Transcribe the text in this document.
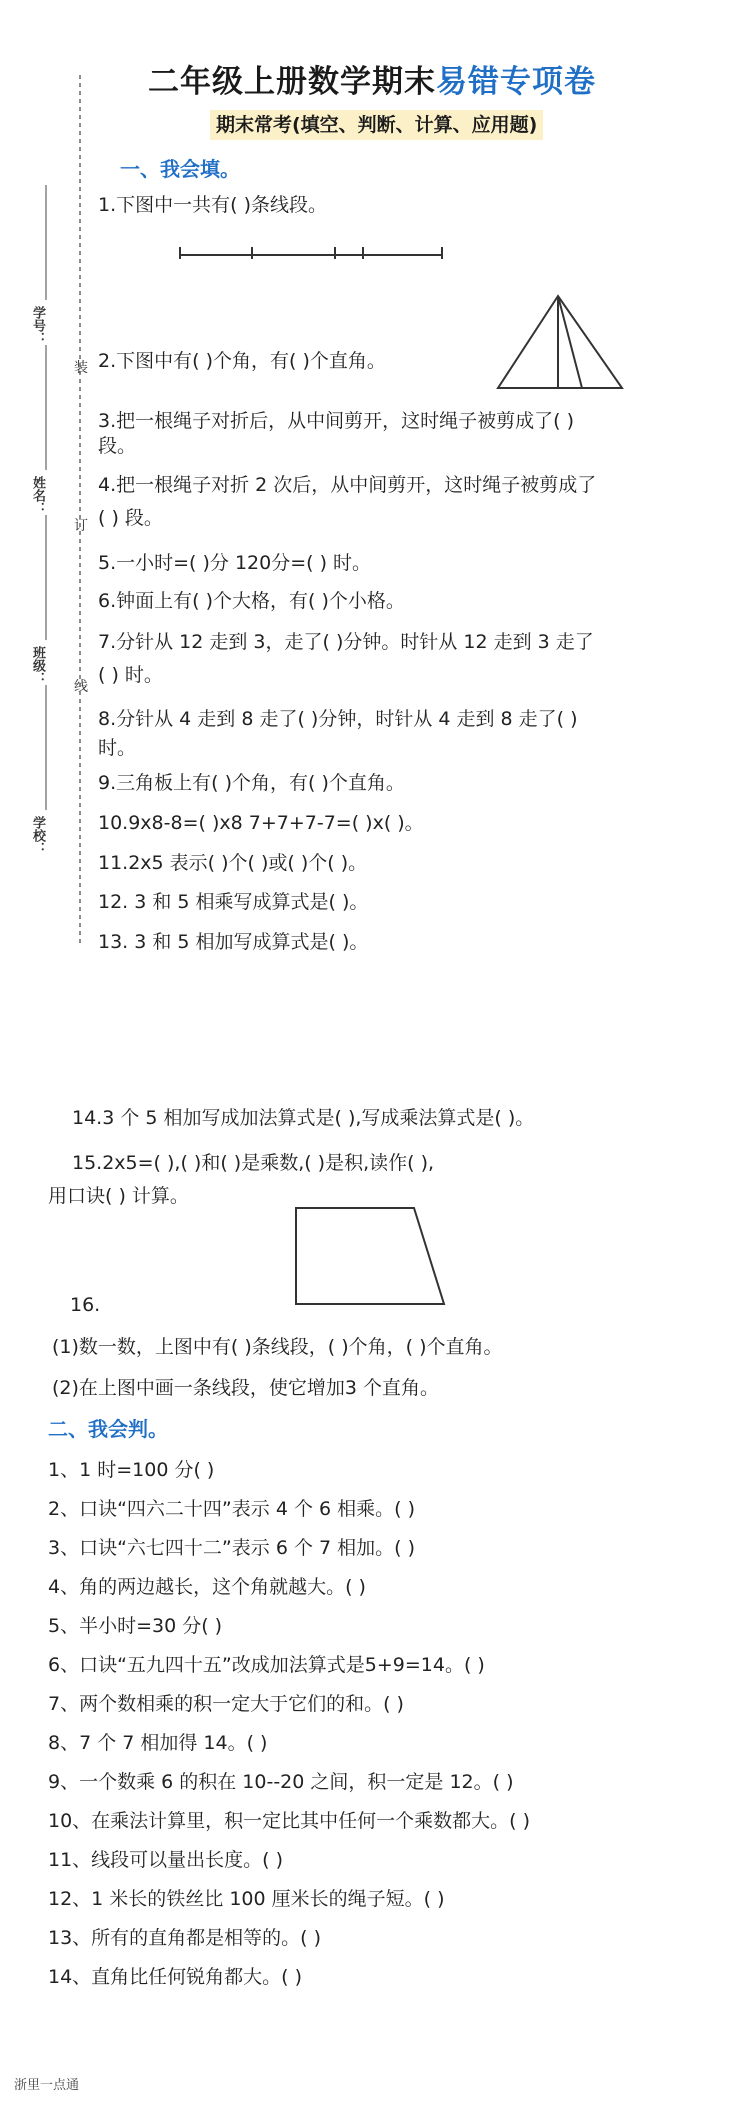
二年级上册数学期末易错专项卷
期末常考(填空、判断、计算、应用题)
学号：
姓名：
班级：
学校：
装
订
线
一、我会填。
1.下图中一共有( )条线段。
2.下图中有( )个角，有( )个直角。
3.把一根绳子对折后，从中间剪开，这时绳子被剪成了( )
段。
4.把一根绳子对折 2 次后，从中间剪开，这时绳子被剪成了
( ) 段。
5.一小时=( )分 120分=( ) 时。
6.钟面上有( )个大格，有( )个小格。
7.分针从 12 走到 3，走了( )分钟。时针从 12 走到 3 走了
( ) 时。
8.分针从 4 走到 8 走了( )分钟，时针从 4 走到 8 走了( )
时。
9.三角板上有( )个角，有( )个直角。
10.9x8-8=( )x8 7+7+7-7=( )x( )。
11.2x5 表示( )个( )或( )个( )。
12. 3 和 5 相乘写成算式是( )。
13. 3 和 5 相加写成算式是( )。
14.3 个 5 相加写成加法算式是( ),写成乘法算式是( )。
15.2x5=( ),( )和( )是乘数,( )是积,读作( ),
用口诀( ) 计算。
16.
(1)数一数，上图中有( )条线段，( )个角，( )个直角。
(2)在上图中画一条线段，使它增加3 个直角。
二、我会判。
1、1 时=100 分( )
2、口诀“四六二十四”表示 4 个 6 相乘。( )
3、口诀“六七四十二”表示 6 个 7 相加。( )
4、角的两边越长，这个角就越大。( )
5、半小时=30 分( )
6、口诀“五九四十五”改成加法算式是5+9=14。( )
7、两个数相乘的积一定大于它们的和。( )
8、7 个 7 相加得 14。( )
9、一个数乘 6 的积在 10--20 之间，积一定是 12。( )
10、在乘法计算里，积一定比其中任何一个乘数都大。( )
11、线段可以量出长度。( )
12、1 米长的铁丝比 100 厘米长的绳子短。( )
13、所有的直角都是相等的。( )
14、直角比任何锐角都大。( )
浙里一点通
